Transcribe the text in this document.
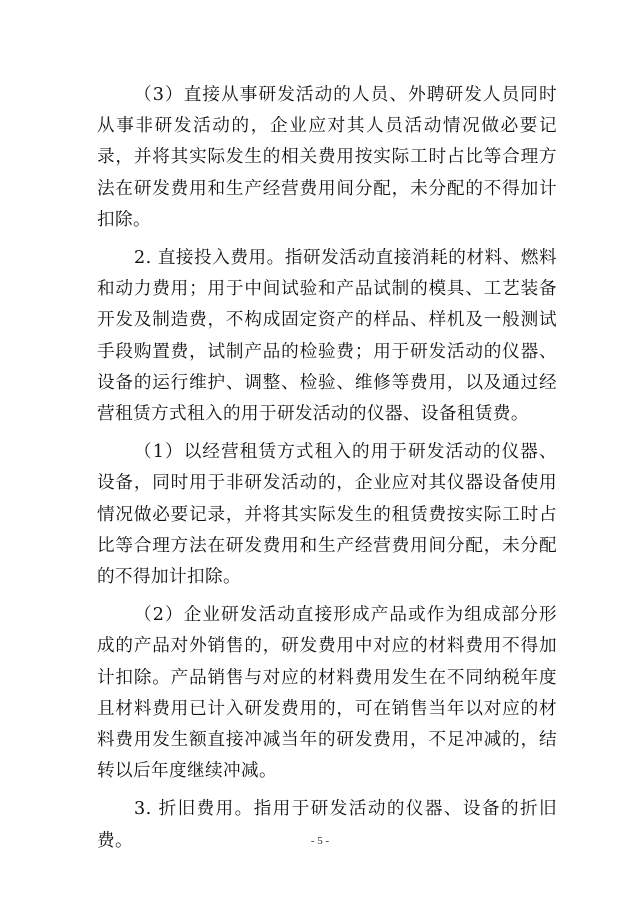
（3）直接从事研发活动的人员、外聘研发人员同时从事非研发活动的，企业应对其人员活动情况做必要记录，并将其实际发生的相关费用按实际工时占比等合理方法在研发费用和生产经营费用间分配，未分配的不得加计扣除。

2. 直接投入费用。指研发活动直接消耗的材料、燃料和动力费用；用于中间试验和产品试制的模具、工艺装备开发及制造费，不构成固定资产的样品、样机及一般测试手段购置费，试制产品的检验费；用于研发活动的仪器、设备的运行维护、调整、检验、维修等费用，以及通过经营租赁方式租入的用于研发活动的仪器、设备租赁费。

（1）以经营租赁方式租入的用于研发活动的仪器、设备，同时用于非研发活动的，企业应对其仪器设备使用情况做必要记录，并将其实际发生的租赁费按实际工时占比等合理方法在研发费用和生产经营费用间分配，未分配的不得加计扣除。

（2）企业研发活动直接形成产品或作为组成部分形成的产品对外销售的，研发费用中对应的材料费用不得加计扣除。产品销售与对应的材料费用发生在不同纳税年度且材料费用已计入研发费用的，可在销售当年以对应的材料费用发生额直接冲减当年的研发费用，不足冲减的，结转以后年度继续冲减。

3. 折旧费用。指用于研发活动的仪器、设备的折旧费。	- 5 -
